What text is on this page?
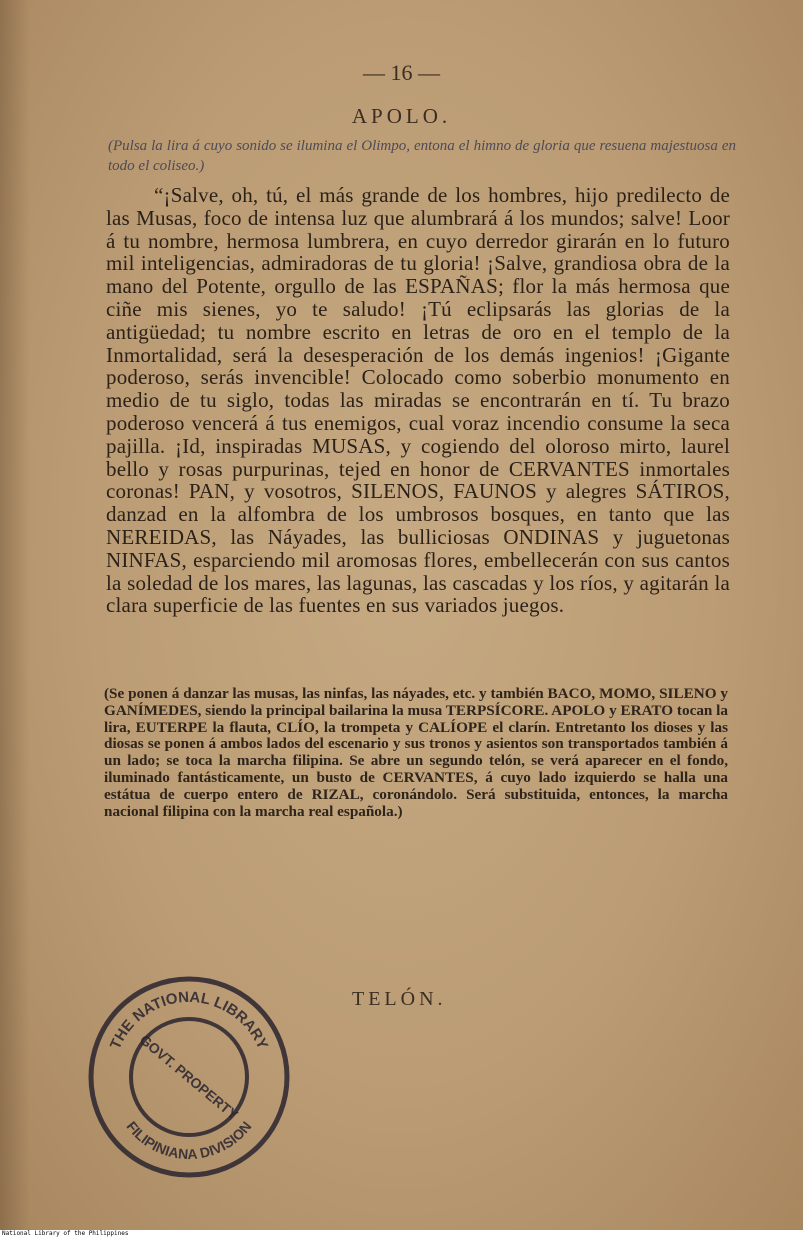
— 16 —
APOLO.
(Pulsa la lira á cuyo sonido se ilumina el Olimpo, entona el himno de gloria que resuena majestuosa en todo el coliseo.)
“¡Salve, oh, tú, el más grande de los hombres, hijo predilecto de las Musas, foco de intensa luz que alumbrará á los mundos; salve! Loor á tu nombre, hermosa lumbrera, en cuyo derredor girarán en lo futuro mil inteligencias, admiradoras de tu gloria! ¡Salve, grandiosa obra de la mano del Potente, orgullo de las ESPAÑAS; flor la más hermosa que ciñe mis sienes, yo te saludo! ¡Tú eclipsarás las glorias de la antigüedad; tu nombre escrito en letras de oro en el templo de la Inmortalidad, será la desesperación de los demás ingenios! ¡Gigante poderoso, serás invencible! Colocado como soberbio monumento en medio de tu siglo, todas las miradas se encontrarán en tí. Tu brazo poderoso vencerá á tus enemigos, cual voraz incendio consume la seca pajilla. ¡Id, inspiradas MUSAS, y cogiendo del oloroso mirto, laurel bello y rosas purpurinas, tejed en honor de CERVANTES inmortales coronas! PAN, y vosotros, SILENOS, FAUNOS y alegres SÁTIROS, danzad en la alfombra de los umbrosos bosques, en tanto que las NEREIDAS, las Náyades, las bulliciosas ONDINAS y juguetonas NINFAS, esparciendo mil aromosas flores, embellecerán con sus cantos la soledad de los mares, las lagunas, las cascadas y los ríos, y agitarán la clara superficie de las fuentes en sus variados juegos.
(Se ponen á danzar las musas, las ninfas, las náyades, etc. y también BACO, MOMO, SILENO y GANÍMEDES, siendo la principal bailarina la musa TERPSÍCORE. APOLO y ERATO tocan la lira, EUTERPE la flauta, CLÍO, la trompeta y CALÍOPE el clarín. Entretanto los dioses y las diosas se ponen á ambos lados del escenario y sus tronos y asientos son transportados también á un lado; se toca la marcha filipina. Se abre un segundo telón, se verá aparecer en el fondo, iluminado fantásticamente, un busto de CERVANTES, á cuyo lado izquierdo se halla una estátua de cuerpo entero de RIZAL, coronándolo. Será substituida, entonces, la marcha nacional filipina con la marcha real española.)
TELÓN.
THE NATIONAL LIBRARY
GOVT. PROPERTY
FILIPINIANA DIVISION
National Library of the Philippines
